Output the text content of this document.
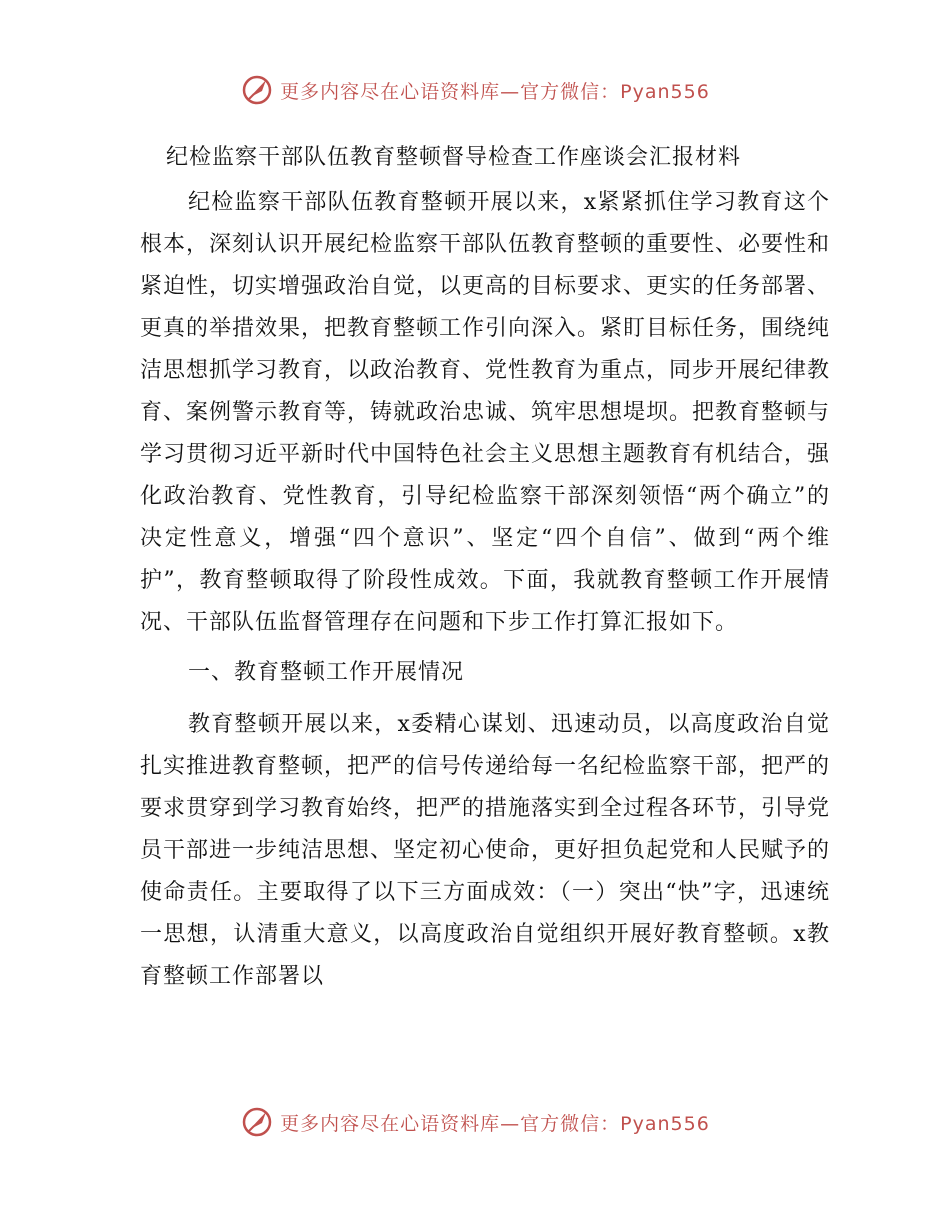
更多内容尽在心语资料库—官方微信：Pyan556
纪检监察干部队伍教育整顿督导检查工作座谈会汇报材料

纪检监察干部队伍教育整顿开展以来，x紧紧抓住学习教育这个根本，深刻认识开展纪检监察干部队伍教育整顿的重要性、必要性和紧迫性，切实增强政治自觉，以更高的目标要求、更实的任务部署、更真的举措效果，把教育整顿工作引向深入。紧盯目标任务，围绕纯洁思想抓学习教育，以政治教育、党性教育为重点，同步开展纪律教育、案例警示教育等，铸就政治忠诚、筑牢思想堤坝。把教育整顿与学习贯彻习近平新时代中国特色社会主义思想主题教育有机结合，强化政治教育、党性教育，引导纪检监察干部深刻领悟“两个确立”的决定性意义，增强“四个意识”、坚定“四个自信”、做到“两个维护”，教育整顿取得了阶段性成效。下面，我就教育整顿工作开展情况、干部队伍监督管理存在问题和下步工作打算汇报如下。

一、教育整顿工作开展情况

教育整顿开展以来，x委精心谋划、迅速动员，以高度政治自觉扎实推进教育整顿，把严的信号传递给每一名纪检监察干部，把严的要求贯穿到学习教育始终，把严的措施落实到全过程各环节，引导党员干部进一步纯洁思想、坚定初心使命，更好担负起党和人民赋予的使命责任。主要取得了以下三方面成效：（一）突出“快”字，迅速统一思想，认清重大意义，以高度政治自觉组织开展好教育整顿。x教育整顿工作部署以

更多内容尽在心语资料库—官方微信：Pyan556
